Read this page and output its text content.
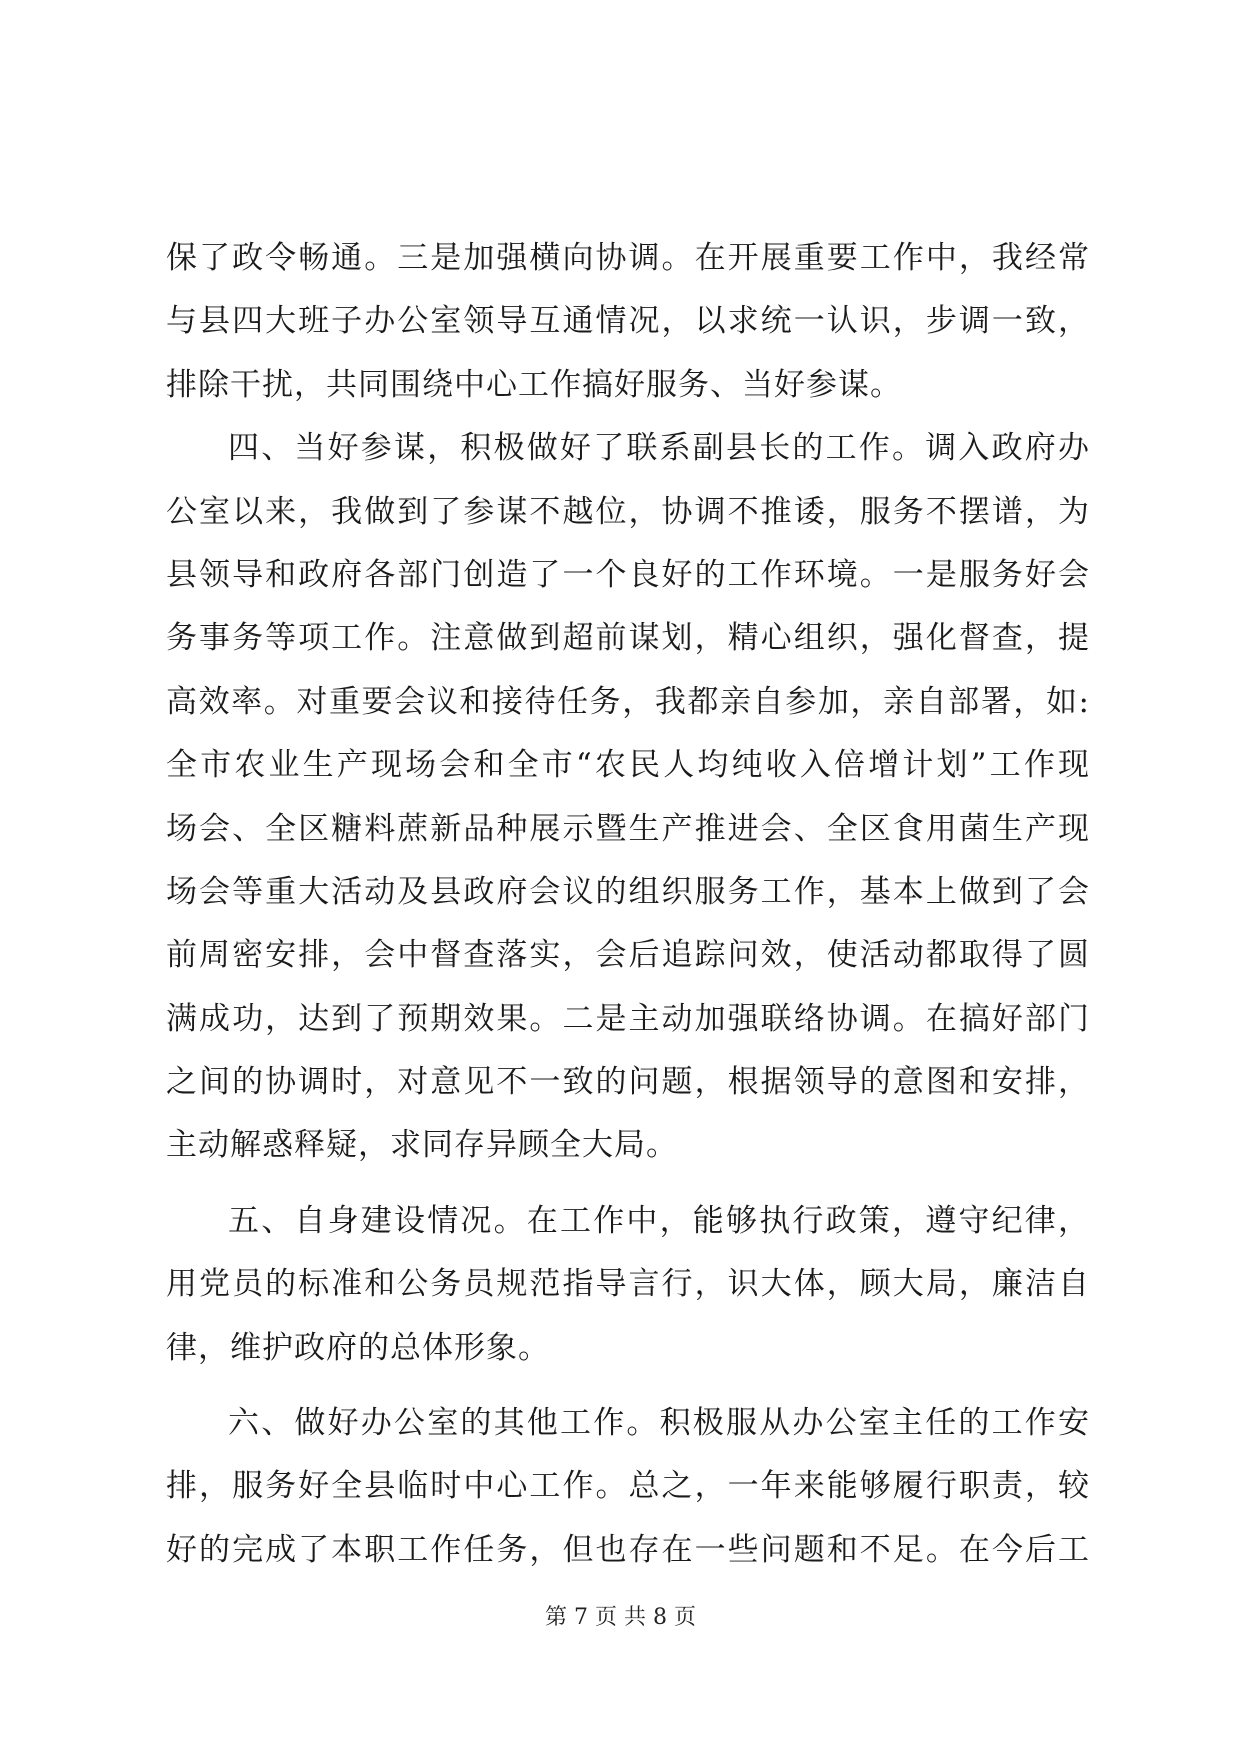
保了政令畅通。三是加强横向协调。在开展重要工作中，我经常
与县四大班子办公室领导互通情况，以求统一认识，步调一致，
排除干扰，共同围绕中心工作搞好服务、当好参谋。
四、当好参谋，积极做好了联系副县长的工作。调入政府办
公室以来，我做到了参谋不越位，协调不推诿，服务不摆谱，为
县领导和政府各部门创造了一个良好的工作环境。一是服务好会
务事务等项工作。注意做到超前谋划，精心组织，强化督查，提
高效率。对重要会议和接待任务，我都亲自参加，亲自部署，如:
全市农业生产现场会和全市“农民人均纯收入倍增计划”工作现
场会、全区糖料蔗新品种展示暨生产推进会、全区食用菌生产现
场会等重大活动及县政府会议的组织服务工作，基本上做到了会
前周密安排，会中督查落实，会后追踪问效，使活动都取得了圆
满成功，达到了预期效果。二是主动加强联络协调。在搞好部门
之间的协调时，对意见不一致的问题，根据领导的意图和安排，
主动解惑释疑，求同存异顾全大局。
五、自身建设情况。在工作中，能够执行政策，遵守纪律，
用党员的标准和公务员规范指导言行，识大体，顾大局，廉洁自
律，维护政府的总体形象。
六、做好办公室的其他工作。积极服从办公室主任的工作安
排，服务好全县临时中心工作。总之，一年来能够履行职责，较
好的完成了本职工作任务，但也存在一些问题和不足。在今后工
第 7 页 共 8 页
